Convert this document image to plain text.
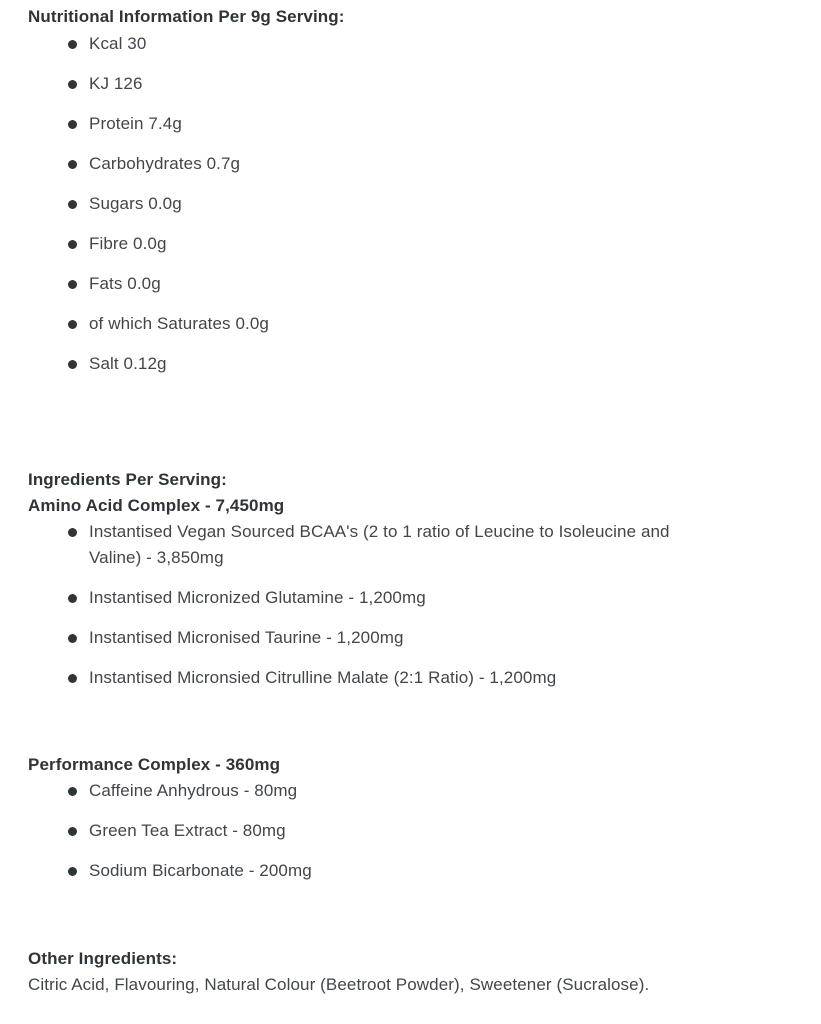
Nutritional Information Per 9g Serving:

Kcal 30
KJ 126
Protein 7.4g
Carbohydrates 0.7g
Sugars 0.0g
Fibre 0.0g
Fats 0.0g
of which Saturates 0.0g
Salt 0.12g

Ingredients Per Serving:
Amino Acid Complex - 7,450mg

Instantised Vegan Sourced BCAA's (2 to 1 ratio of Leucine to Isoleucine and Valine) - 3,850mg
Instantised Micronized Glutamine - 1,200mg
Instantised Micronised Taurine - 1,200mg
Instantised Micronsied Citrulline Malate (2:1 Ratio) - 1,200mg

Performance Complex - 360mg

Caffeine Anhydrous - 80mg
Green Tea Extract - 80mg
Sodium Bicarbonate - 200mg

Other Ingredients:

Citric Acid, Flavouring, Natural Colour (Beetroot Powder), Sweetener (Sucralose).
